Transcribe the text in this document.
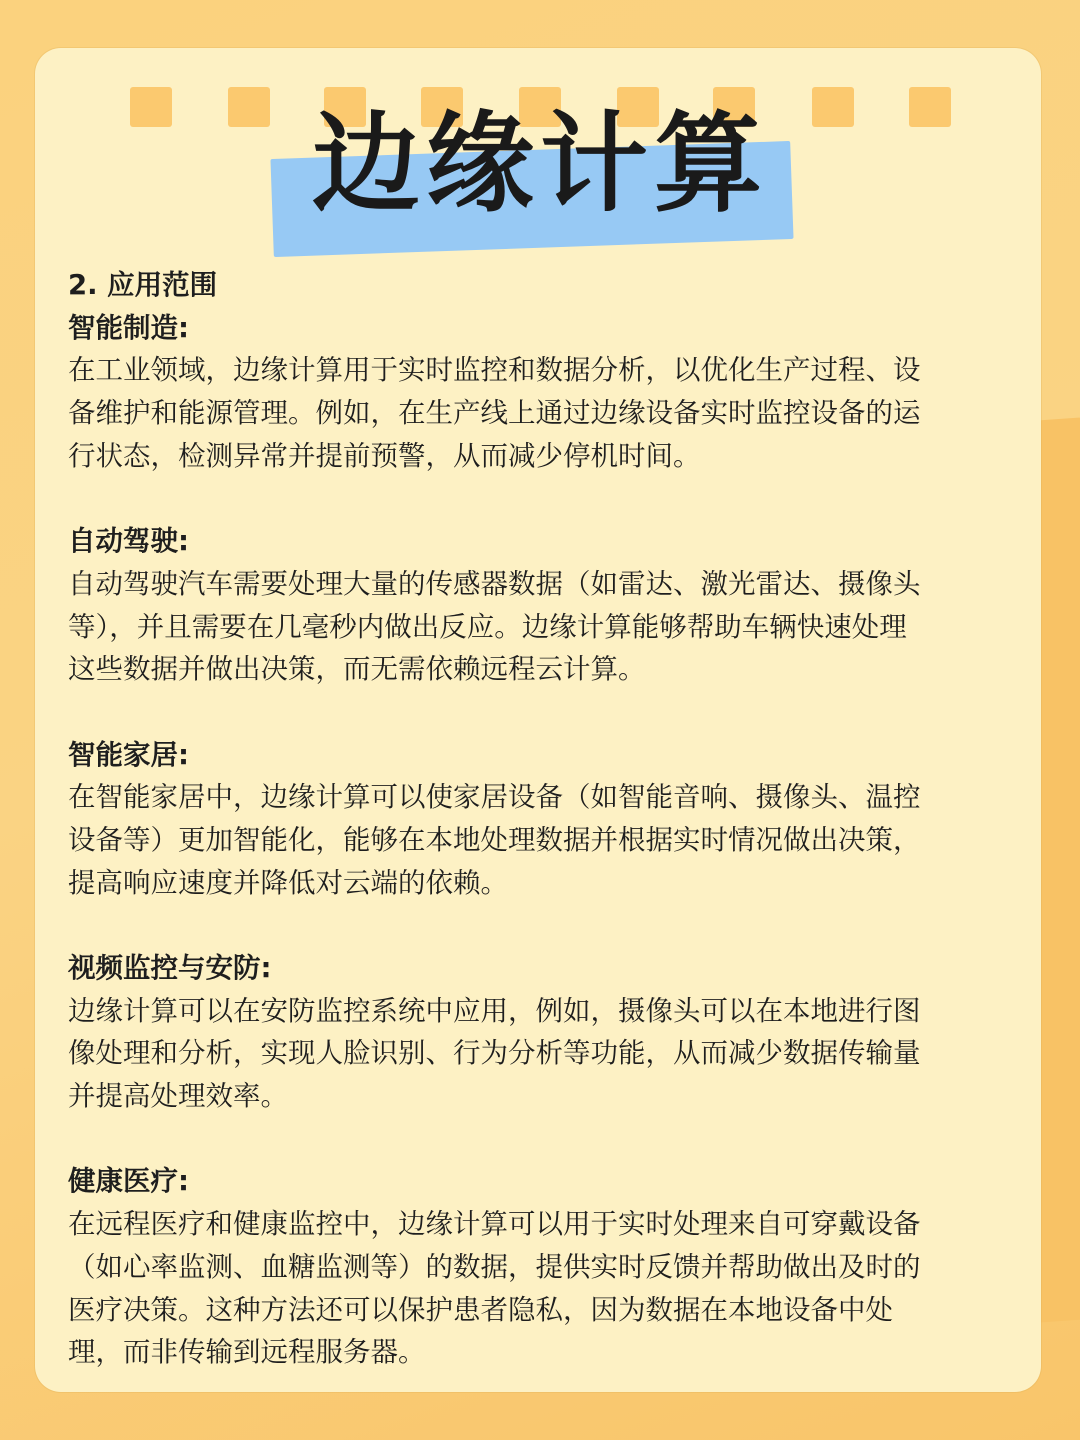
边缘计算
2. 应用范围
智能制造:
在工业领域，边缘计算用于实时监控和数据分析，以优化生产过程、设
备维护和能源管理。例如，在生产线上通过边缘设备实时监控设备的运
行状态，检测异常并提前预警，从而减少停机时间。
自动驾驶:
自动驾驶汽车需要处理大量的传感器数据（如雷达、激光雷达、摄像头
等），并且需要在几毫秒内做出反应。边缘计算能够帮助车辆快速处理
这些数据并做出决策，而无需依赖远程云计算。
智能家居:
在智能家居中，边缘计算可以使家居设备（如智能音响、摄像头、温控
设备等）更加智能化，能够在本地处理数据并根据实时情况做出决策，
提高响应速度并降低对云端的依赖。
视频监控与安防:
边缘计算可以在安防监控系统中应用，例如，摄像头可以在本地进行图
像处理和分析，实现人脸识别、行为分析等功能，从而减少数据传输量
并提高处理效率。
健康医疗:
在远程医疗和健康监控中，边缘计算可以用于实时处理来自可穿戴设备
（如心率监测、血糖监测等）的数据，提供实时反馈并帮助做出及时的
医疗决策。这种方法还可以保护患者隐私，因为数据在本地设备中处
理，而非传输到远程服务器。
